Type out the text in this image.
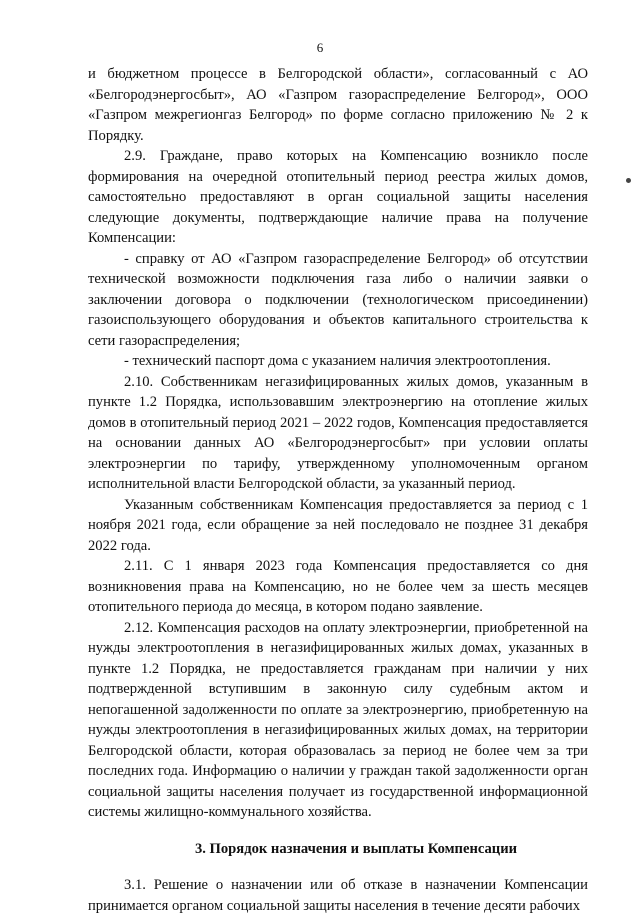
6

и бюджетном процессе в Белгородской области», согласованный с АО «Белгородэнергосбыт», АО «Газпром газораспределение Белгород», ООО «Газпром межрегионгаз Белгород» по форме согласно приложению № 2 к Порядку.

2.9. Граждане, право которых на Компенсацию возникло после формирования на очередной отопительный период реестра жилых домов, самостоятельно предоставляют в орган социальной защиты населения следующие документы, подтверждающие наличие права на получение Компенсации:

- справку от АО «Газпром газораспределение Белгород» об отсутствии технической возможности подключения газа либо о наличии заявки о заключении договора о подключении (технологическом присоединении) газоиспользующего оборудования и объектов капитального строительства к сети газораспределения;

- технический паспорт дома с указанием наличия электроотопления.

2.10. Собственникам негазифицированных жилых домов, указанным в пункте 1.2 Порядка, использовавшим электроэнергию на отопление жилых домов в отопительный период 2021 – 2022 годов, Компенсация предоставляется на основании данных АО «Белгородэнергосбыт» при условии оплаты электроэнергии по тарифу, утвержденному уполномоченным органом исполнительной власти Белгородской области, за указанный период.

Указанным собственникам Компенсация предоставляется за период с 1 ноября 2021 года, если обращение за ней последовало не позднее 31 декабря 2022 года.

2.11. С 1 января 2023 года Компенсация предоставляется со дня возникновения права на Компенсацию, но не более чем за шесть месяцев отопительного периода до месяца, в котором подано заявление.

2.12. Компенсация расходов на оплату электроэнергии, приобретенной на нужды электроотопления в негазифицированных жилых домах, указанных в пункте 1.2 Порядка, не предоставляется гражданам при наличии у них подтвержденной вступившим в законную силу судебным актом и непогашенной задолженности по оплате за электроэнергию, приобретенную на нужды электроотопления в негазифицированных жилых домах, на территории Белгородской области, которая образовалась за период не более чем за три последних года. Информацию о наличии у граждан такой задолженности орган социальной защиты населения получает из государственной информационной системы жилищно-коммунального хозяйства.

3. Порядок назначения и выплаты Компенсации

3.1. Решение о назначении или об отказе в назначении Компенсации принимается органом социальной защиты населения в течение десяти рабочих
